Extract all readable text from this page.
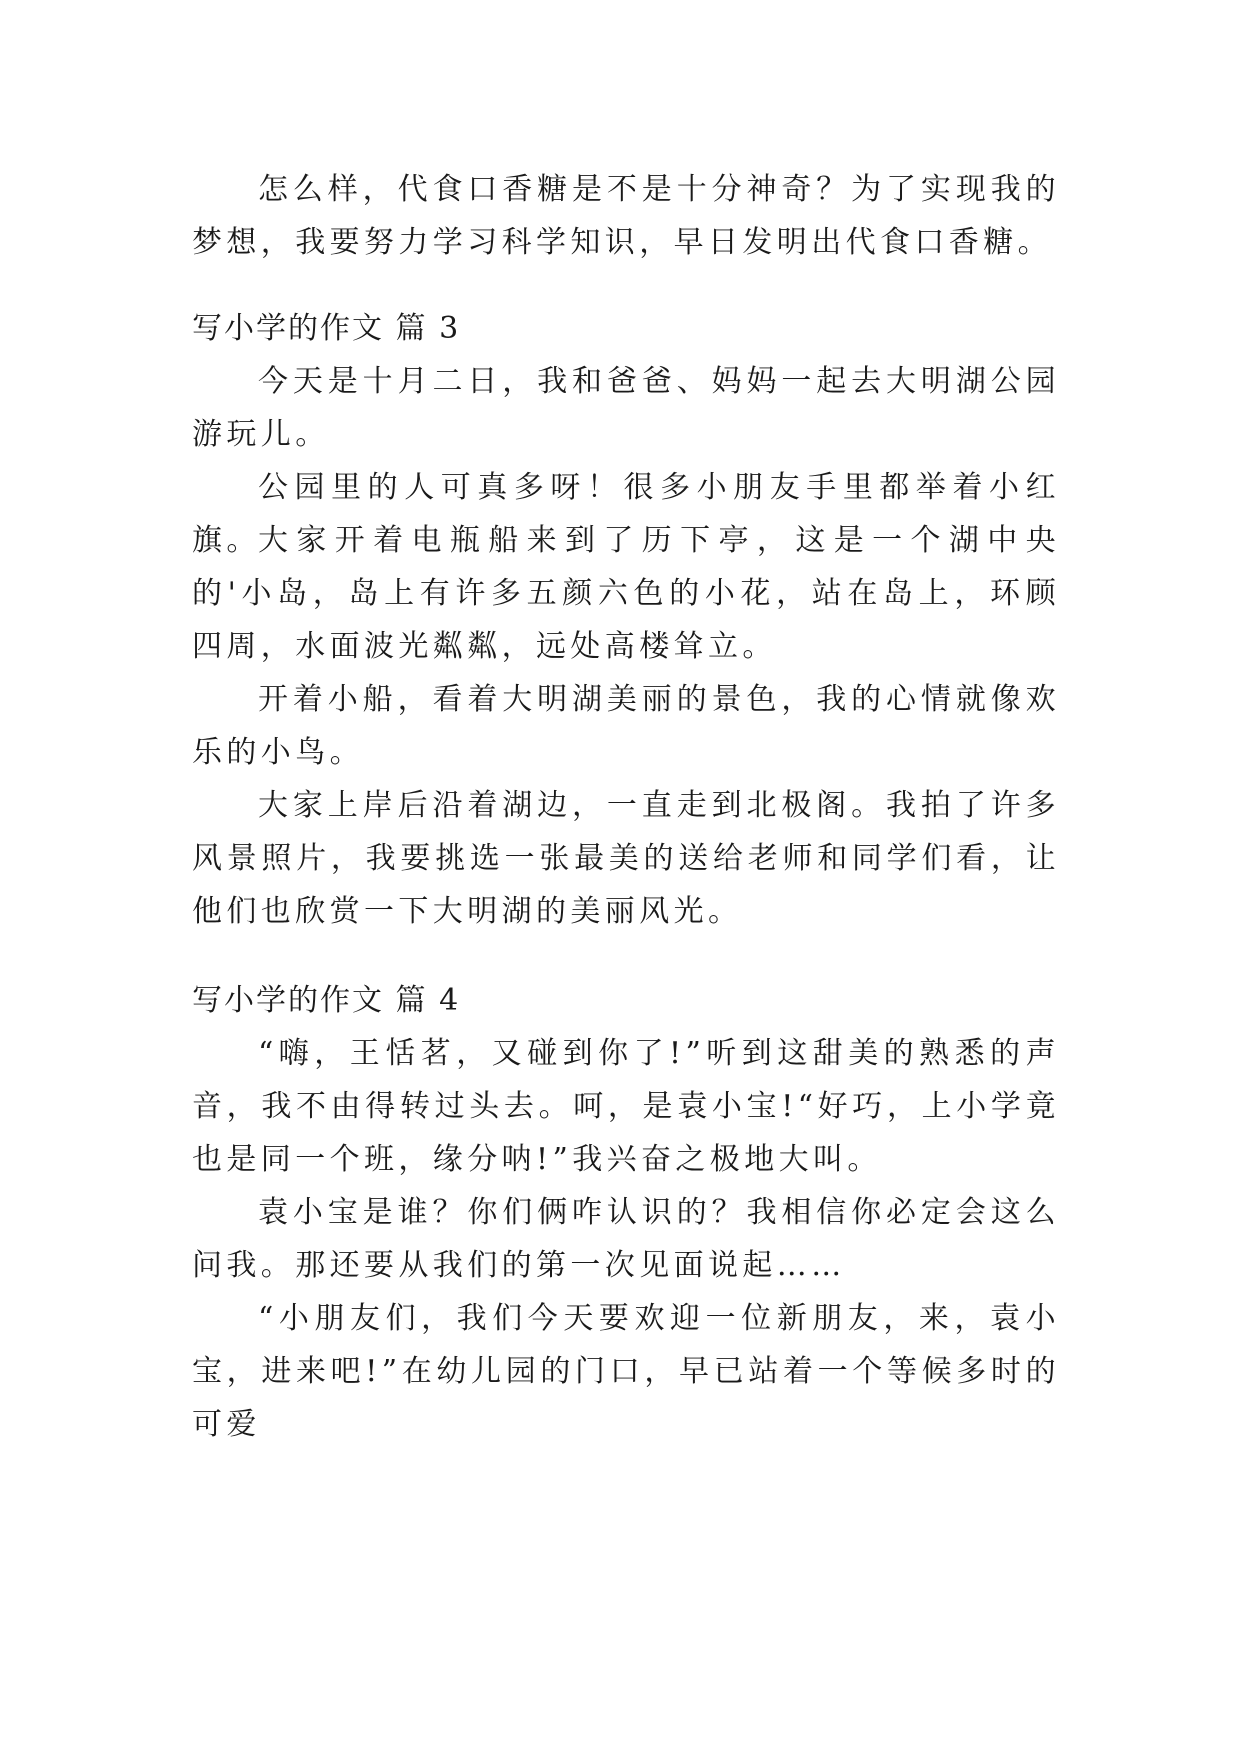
怎么样，代食口香糖是不是十分神奇？为了实现我的梦想，我要努力学习科学知识，早日发明出代食口香糖。

写小学的作文 篇 3

今天是十月二日，我和爸爸、妈妈一起去大明湖公园游玩儿。

公园里的人可真多呀！很多小朋友手里都举着小红旗。

大家开着电瓶船来到了历下亭，这是一个湖中央的'小岛，岛上有许多五颜六色的小花，站在岛上，环顾四周，水面波光粼粼，远处高楼耸立。

开着小船，看着大明湖美丽的景色，我的心情就像欢乐的小鸟。

大家上岸后沿着湖边，一直走到北极阁。我拍了许多风景照片，我要挑选一张最美的送给老师和同学们看，让他们也欣赏一下大明湖的美丽风光。

写小学的作文 篇 4

“嗨，王恬茗，又碰到你了!”听到这甜美的熟悉的声音，我不由得转过头去。呵，是袁小宝!“好巧，上小学竟也是同一个班，缘分呐!”我兴奋之极地大叫。

袁小宝是谁？你们俩咋认识的？我相信你必定会这么问我。那还要从我们的第一次见面说起……

“小朋友们，我们今天要欢迎一位新朋友，来，袁小宝，进来吧!”在幼儿园的门口，早已站着一个等候多时的可爱
